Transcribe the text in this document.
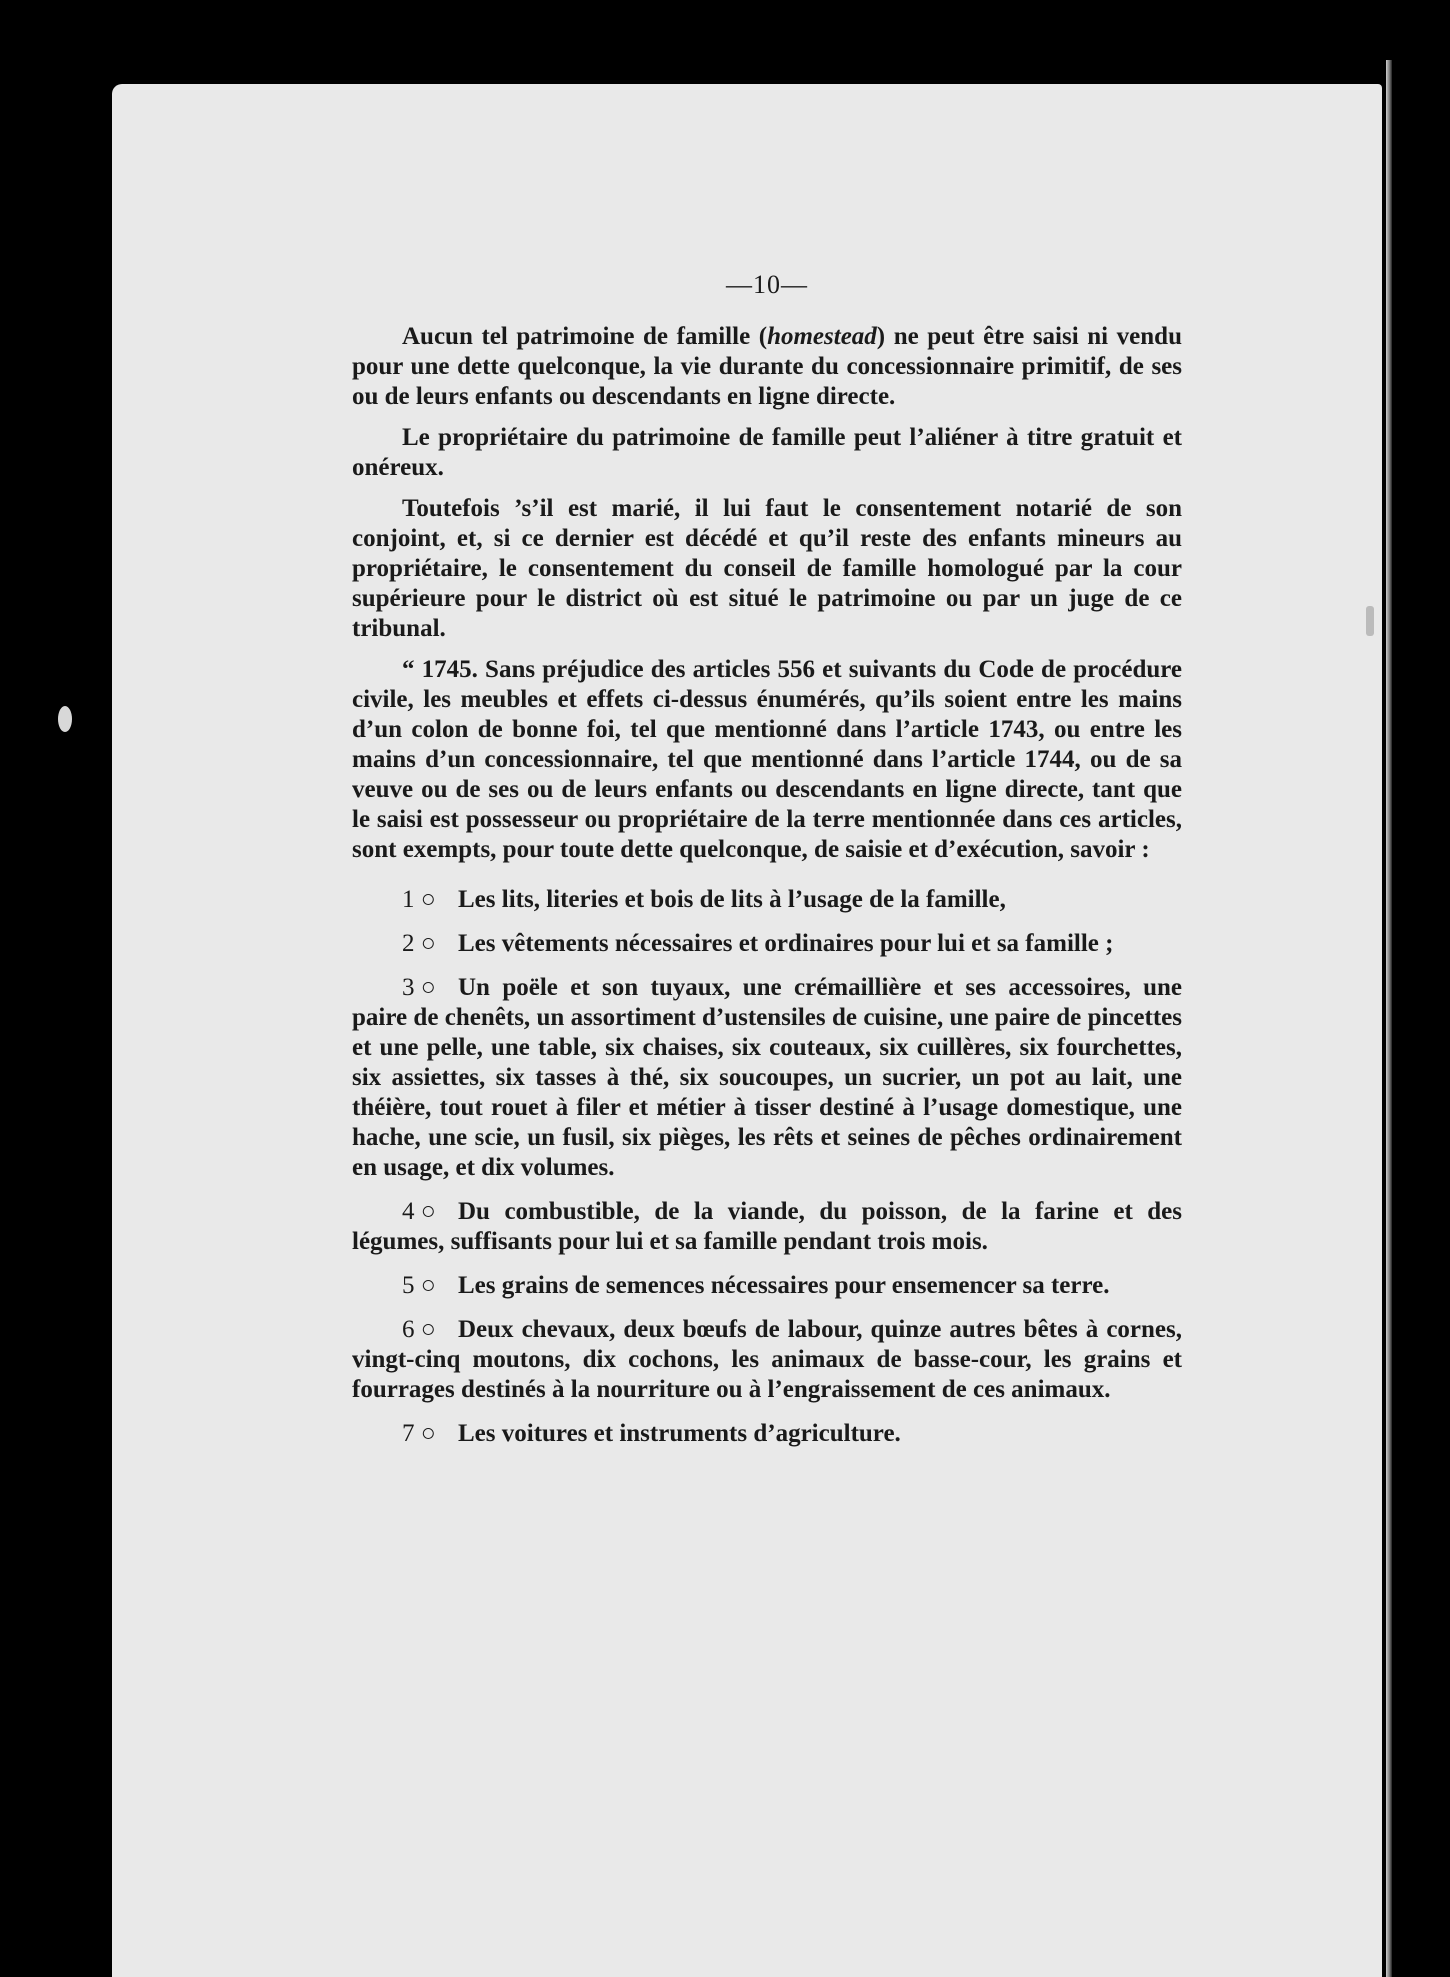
—10—

Aucun tel patrimoine de famille (homestead) ne peut être saisi ni vendu pour une dette quelconque, la vie durante du concessionnaire primitif, de ses ou de leurs enfants ou descendants en ligne directe.

Le propriétaire du patrimoine de famille peut l’aliéner à titre gratuit et onéreux.

Toutefois ’s’il est marié, il lui faut le consentement notarié de son conjoint, et, si ce dernier est décédé et qu’il reste des enfants mineurs au propriétaire, le consentement du conseil de famille homologué par la cour supérieure pour le district où est situé le patrimoine ou par un juge de ce tribunal.

“ 1745. Sans préjudice des articles 556 et suivants du Code de procédure civile, les meubles et effets ci-dessus énumérés, qu’ils soient entre les mains d’un colon de bonne foi, tel que mentionné dans l’article 1743, ou entre les mains d’un concessionnaire, tel que mentionné dans l’article 1744, ou de sa veuve ou de ses ou de leurs enfants ou descendants en ligne directe, tant que le saisi est possesseur ou propriétaire de la terre mentionnée dans ces articles, sont exempts, pour toute dette quelconque, de saisie et d’exécution, savoir :

1 ○ Les lits, literies et bois de lits à l’usage de la famille,

2 ○ Les vêtements nécessaires et ordinaires pour lui et sa famille ;

3 ○ Un poële et son tuyaux, une crémaillière et ses accessoires, une paire de chenêts, un assortiment d’ustensiles de cuisine, une paire de pincettes et une pelle, une table, six chaises, six couteaux, six cuillères, six fourchettes, six assiettes, six tasses à thé, six soucoupes, un sucrier, un pot au lait, une théière, tout rouet à filer et métier à tisser destiné à l’usage domestique, une hache, une scie, un fusil, six pièges, les rêts et seines de pêches ordinairement en usage, et dix volumes.

4 ○ Du combustible, de la viande, du poisson, de la farine et des légumes, suffisants pour lui et sa famille pendant trois mois.

5 ○ Les grains de semences nécessaires pour ensemencer sa terre.

6 ○ Deux chevaux, deux bœufs de labour, quinze autres bêtes à cornes, vingt-cinq moutons, dix cochons, les animaux de basse-cour, les grains et fourrages destinés à la nourriture ou à l’engraissement de ces animaux.

7 ○ Les voitures et instruments d’agriculture.
